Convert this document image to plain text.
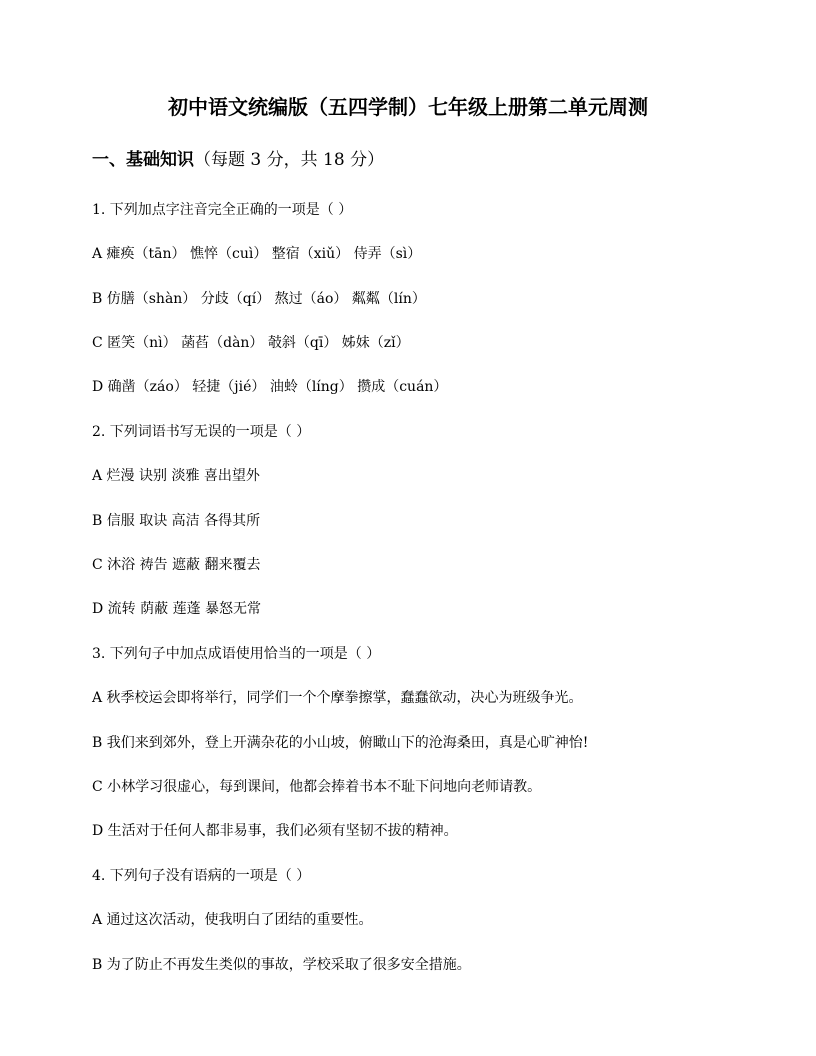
初中语文统编版（五四学制）七年级上册第二单元周测
一、基础知识（每题 3 分，共 18 分）
1. 下列加点字注音完全正确的一项是（ ）
A 瘫痪（tān） 憔悴（cuì） 整宿（xiǔ） 侍弄（sì）
B 仿膳（shàn） 分歧（qí） 熬过（áo） 粼粼（lín）
C 匿笑（nì） 菡萏（dàn） 攲斜（qī） 姊妹（zǐ）
D 确凿（záo） 轻捷（jié） 油蛉（líng） 攒成（cuán）
2. 下列词语书写无误的一项是（ ）
A 烂漫 诀别 淡雅 喜出望外
B 信服 取诀 高洁 各得其所
C 沐浴 祷告 遮蔽 翻来覆去
D 流转 荫蔽 莲蓬 暴怒无常
3. 下列句子中加点成语使用恰当的一项是（ ）
A 秋季校运会即将举行，同学们一个个摩拳擦掌，蠢蠢欲动，决心为班级争光。
B 我们来到郊外，登上开满杂花的小山坡，俯瞰山下的沧海桑田，真是心旷神怡!
C 小林学习很虚心，每到课间，他都会捧着书本不耻下问地向老师请教。
D 生活对于任何人都非易事，我们必须有坚韧不拔的精神。
4. 下列句子没有语病的一项是（ ）
A 通过这次活动，使我明白了团结的重要性。
B 为了防止不再发生类似的事故，学校采取了很多安全措施。
